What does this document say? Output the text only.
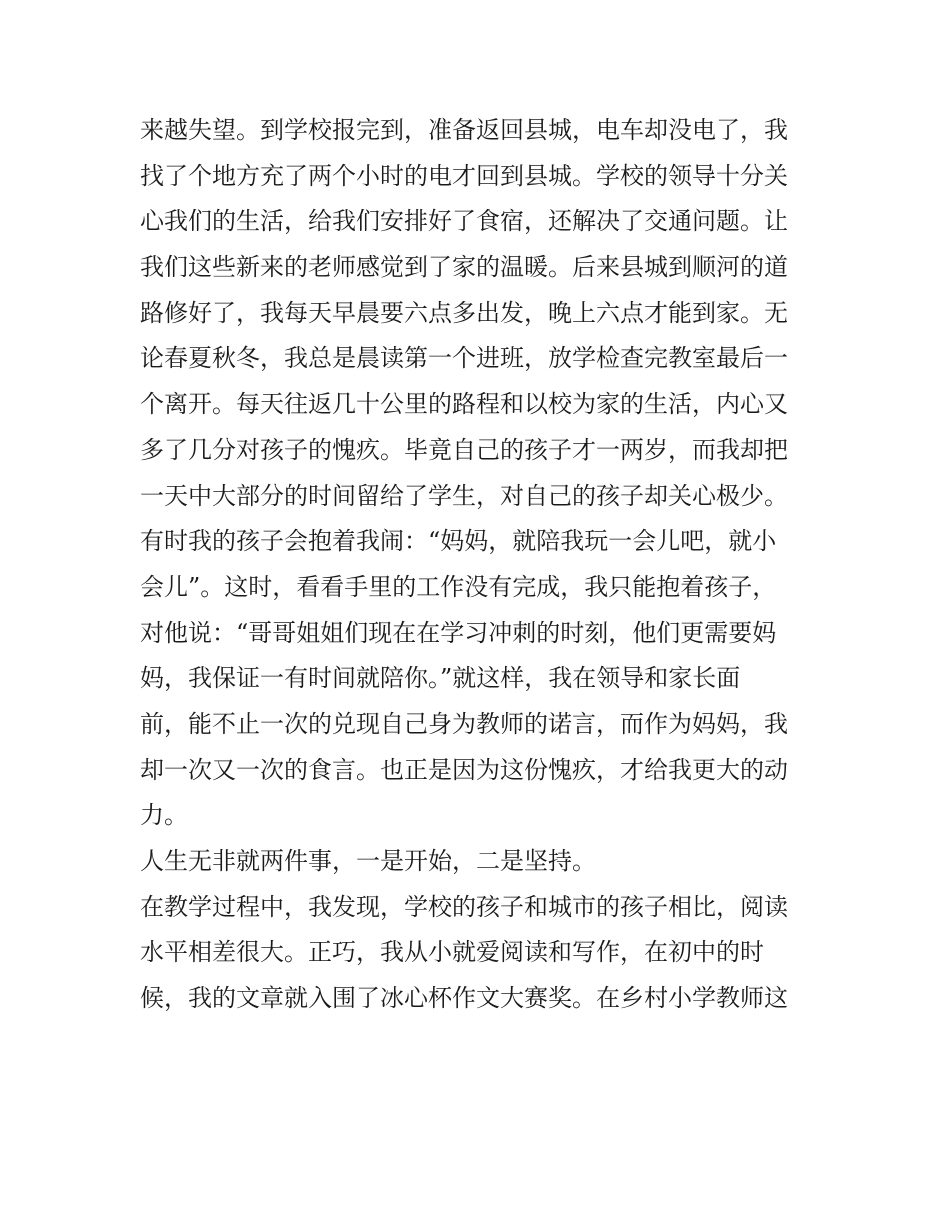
来越失望。到学校报完到，准备返回县城，电车却没电了，我
找了个地方充了两个小时的电才回到县城。学校的领导十分关
心我们的生活，给我们安排好了食宿，还解决了交通问题。让
我们这些新来的老师感觉到了家的温暖。后来县城到顺河的道
路修好了，我每天早晨要六点多出发，晚上六点才能到家。无
论春夏秋冬，我总是晨读第一个进班，放学检查完教室最后一
个离开。每天往返几十公里的路程和以校为家的生活，内心又
多了几分对孩子的愧疚。毕竟自己的孩子才一两岁，而我却把
一天中大部分的时间留给了学生，对自己的孩子却关心极少。
有时我的孩子会抱着我闹：“妈妈，就陪我玩一会儿吧，就小
会儿”。这时，看看手里的工作没有完成，我只能抱着孩子，
对他说：“哥哥姐姐们现在在学习冲刺的时刻，他们更需要妈
妈，我保证一有时间就陪你。”就这样，我在领导和家长面
前，能不止一次的兑现自己身为教师的诺言，而作为妈妈，我
却一次又一次的食言。也正是因为这份愧疚，才给我更大的动
力。
人生无非就两件事，一是开始，二是坚持。
在教学过程中，我发现，学校的孩子和城市的孩子相比，阅读
水平相差很大。正巧，我从小就爱阅读和写作，在初中的时
候，我的文章就入围了冰心杯作文大赛奖。在乡村小学教师这
